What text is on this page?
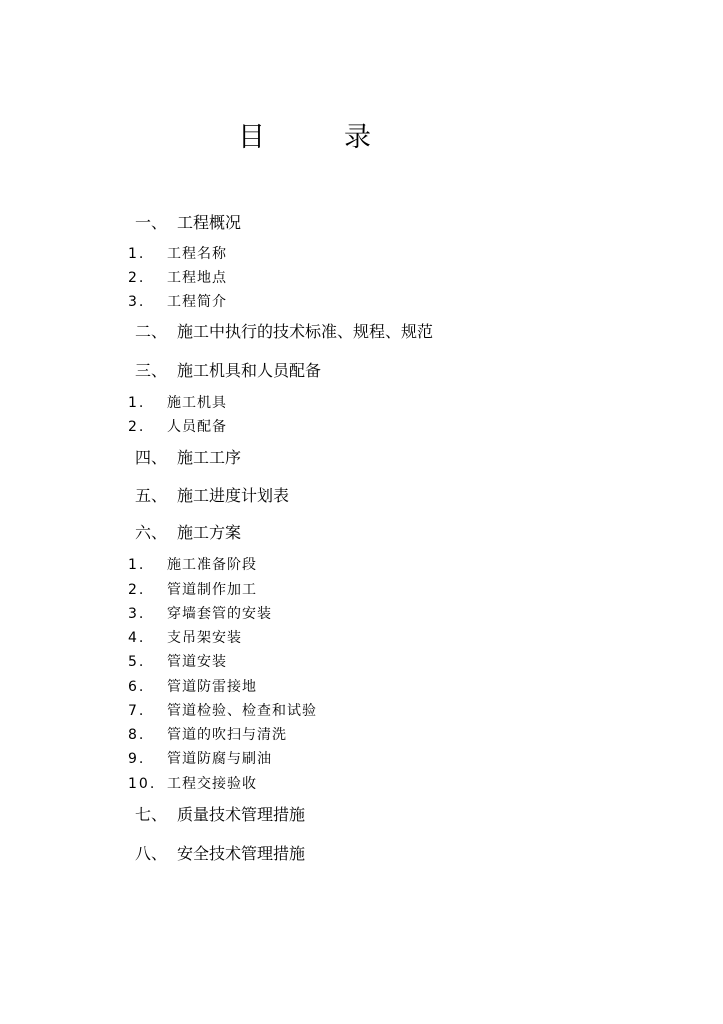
目	录
一、 工程概况
1. 工程名称
2. 工程地点
3. 工程简介
二、 施工中执行的技术标准、规程、规范
三、 施工机具和人员配备
1. 施工机具
2. 人员配备
四、 施工工序
五、 施工进度计划表
六、 施工方案
1. 施工准备阶段
2. 管道制作加工
3. 穿墙套管的安装
4. 支吊架安装
5. 管道安装
6. 管道防雷接地
7. 管道检验、检查和试验
8. 管道的吹扫与清洗
9. 管道防腐与刷油
10. 工程交接验收
七、 质量技术管理措施
八、 安全技术管理措施
